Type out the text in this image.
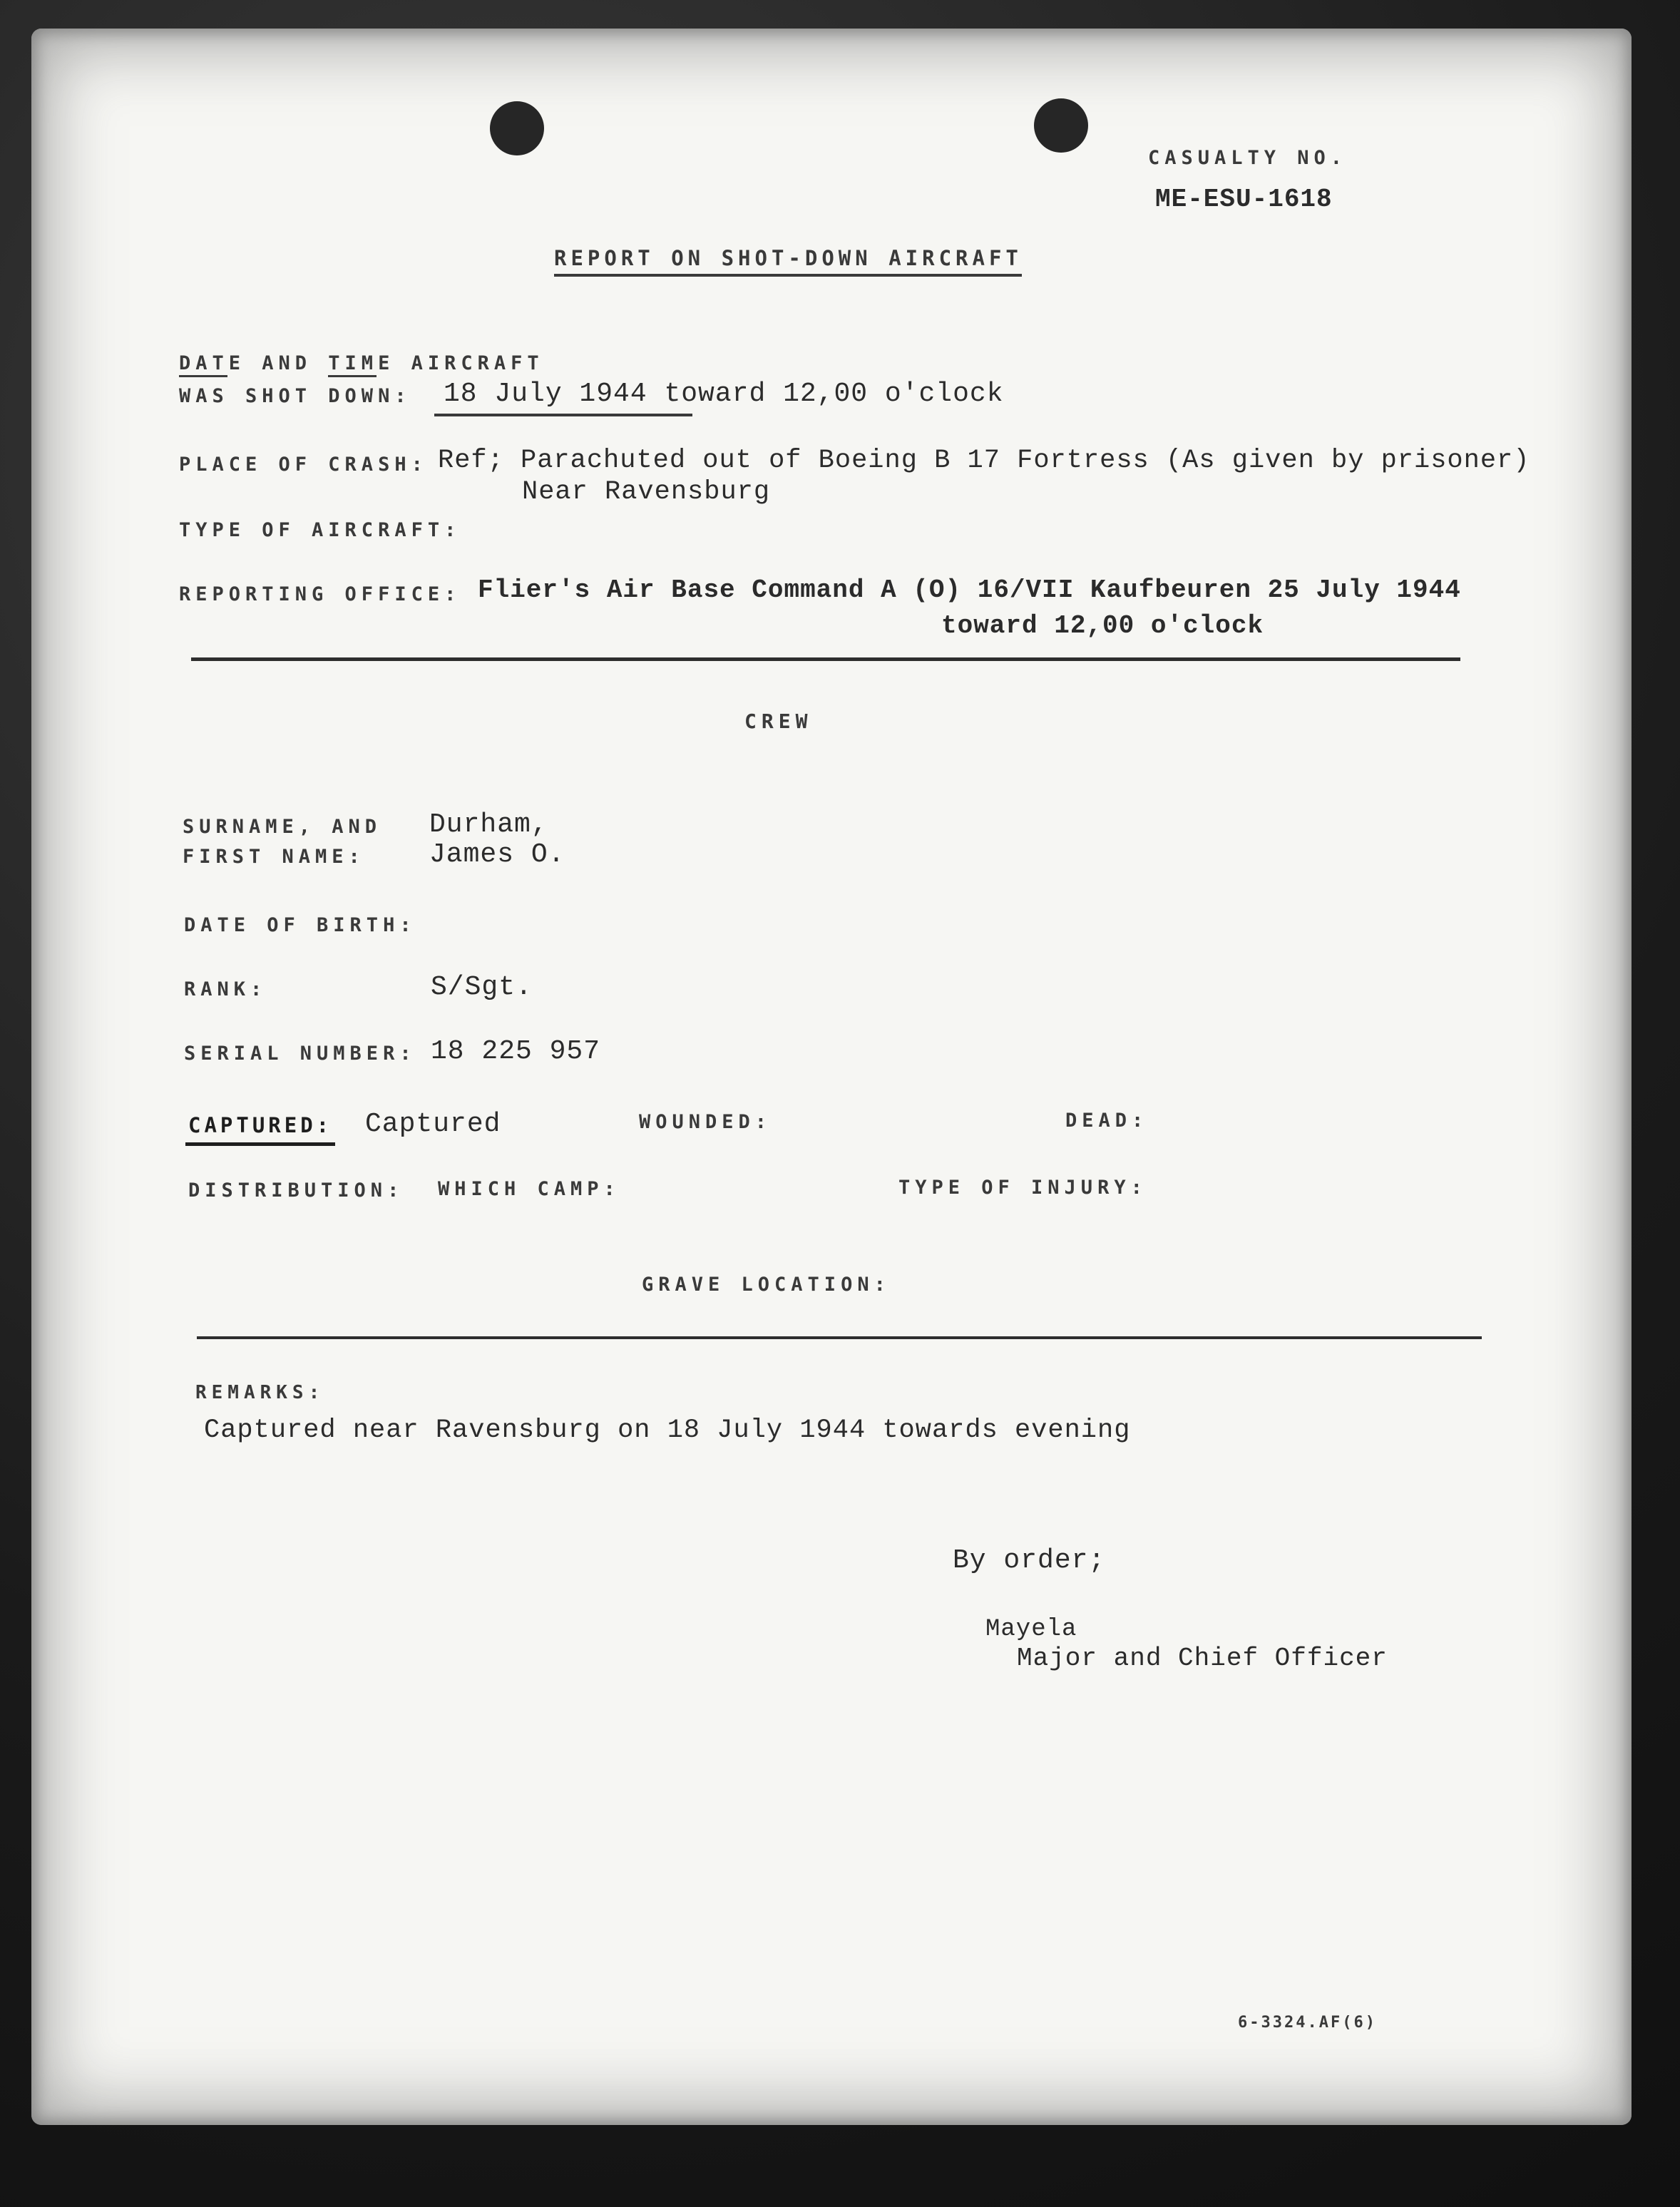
CASUALTY NO.
ME-ESU-1618
REPORT ON SHOT-DOWN AIRCRAFT
DATE AND TIME AIRCRAFT
WAS SHOT DOWN: 18 July 1944 toward 12,00 o'clock
PLACE OF CRASH: Ref; Parachuted out of Boeing B 17 Fortress (As given by prisoner)
Near Ravensburg
TYPE OF AIRCRAFT:
REPORTING OFFICE: Flier's Air Base Command A (O) 16/VII Kaufbeuren 25 July 1944
toward 12,00 o'clock
CREW
SURNAME, AND Durham,
FIRST NAME: James O.
DATE OF BIRTH:
RANK:	S/Sgt.
SERIAL NUMBER: 18 225 957
CAPTURED: Captured	WOUNDED:	DEAD:
DISTRIBUTION: WHICH CAMP:	TYPE OF INJURY:
GRAVE LOCATION:
REMARKS:
Captured near Ravensburg on 18 July 1944 towards evening
By order;
Mayela
Major and Chief Officer
6-3324.AF(6)
